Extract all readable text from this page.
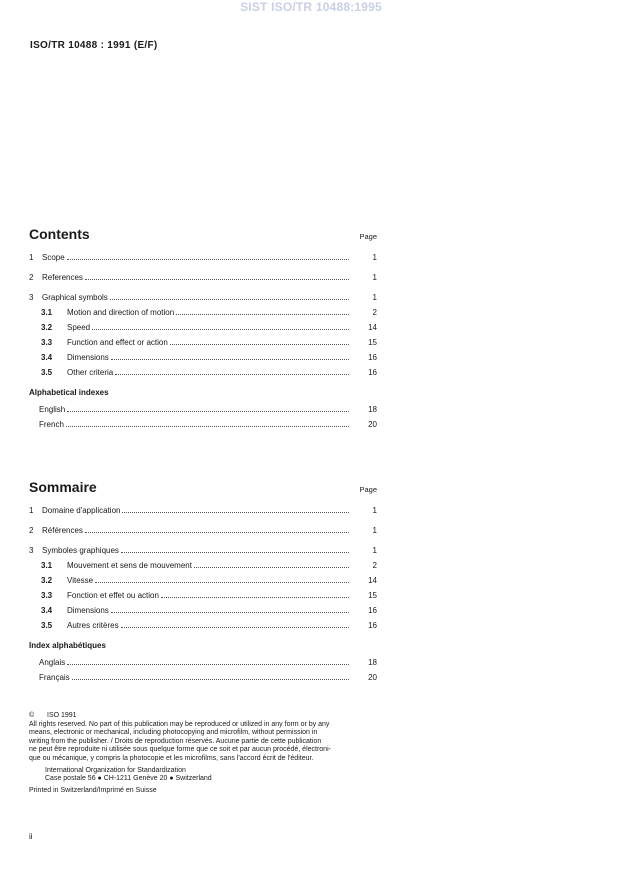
SIST ISO/TR 10488:1995
ISO/TR 10488 : 1991 (E/F)
Contents	Page
1	Scope	1
2	References	1
3	Graphical symbols	1
3.1	Motion and direction of motion	2
3.2	Speed	14
3.3	Function and effect or action	15
3.4	Dimensions	16
3.5	Other criteria	16
Alphabetical indexes
English	18
French	20
Sommaire	Page
1	Domaine d'application	1
2	Références	1
3	Symboles graphiques	1
3.1	Mouvement et sens de mouvement	2
3.2	Vitesse	14
3.3	Fonction et effet ou action	15
3.4	Dimensions	16
3.5	Autres critères	16
Index alphabétiques
Anglais	18
Français	20
© ISO 1991
All rights reserved. No part of this publication may be reproduced or utilized in any form or by any
means, electronic or mechanical, including photocopying and microfilm, without permission in
writing from the publisher. / Droits de reproduction réservés. Aucune partie de cette publication
ne peut être reproduite ni utilisée sous quelque forme que ce soit et par aucun procédé, électroni-
que ou mécanique, y compris la photocopie et les microfilms, sans l'accord écrit de l'éditeur.
International Organization for Standardization
Case postale 56 ● CH-1211 Genève 20 ● Switzerland
Printed in Switzerland/Imprimé en Suisse
ii
